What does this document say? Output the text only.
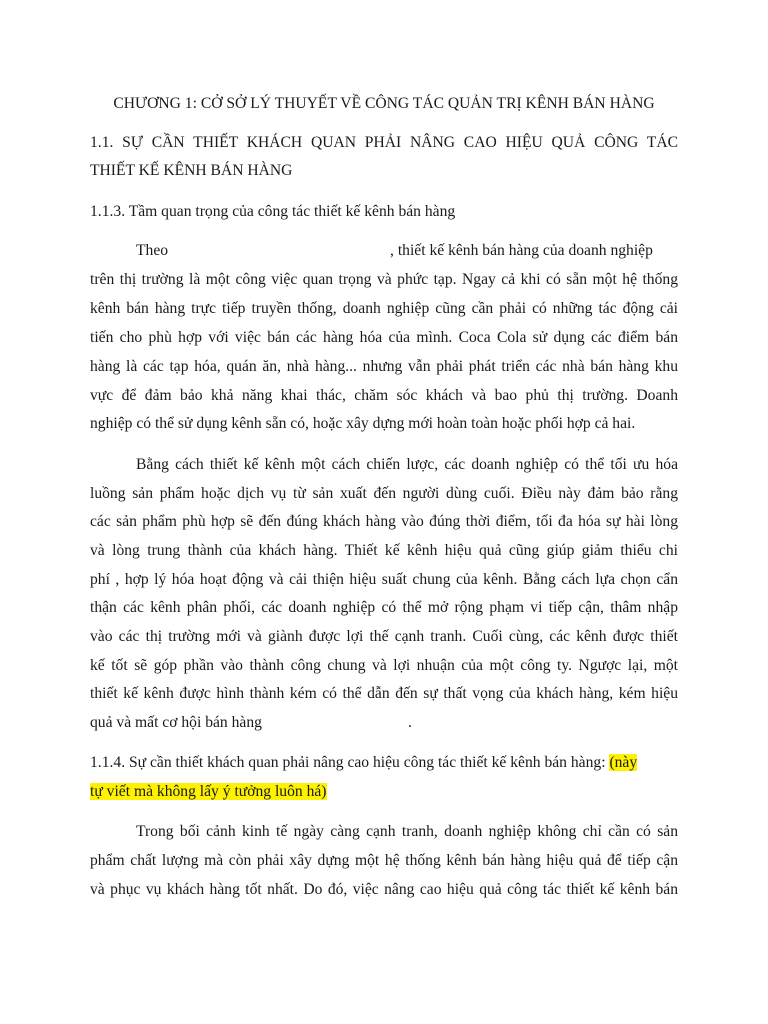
CHƯƠNG 1: CỞ SỞ LÝ THUYẾT VỀ CÔNG TÁC QUẢN TRỊ KÊNH BÁN HÀNG
1.1. SỰ CẦN THIẾT KHÁCH QUAN PHẢI NÂNG CAO HIỆU QUẢ CÔNG TÁC
THIẾT KẾ KÊNH BÁN HÀNG
1.1.3. Tầm quan trọng của công tác thiết kế kênh bán hàng
Theo	, thiết kế kênh bán hàng của doanh nghiệp
trên thị trường là một công việc quan trọng và phức tạp. Ngay cả khi có sẵn một hệ thống
kênh bán hàng trực tiếp truyền thống, doanh nghiệp cũng cần phải có những tác động cải
tiến cho phù hợp với việc bán các hàng hóa của mình. Coca Cola sử dụng các điểm bán
hàng là các tạp hóa, quán ăn, nhà hàng... nhưng vẫn phải phát triển các nhà bán hàng khu
vực để đảm bảo khả năng khai thác, chăm sóc khách và bao phủ thị trường. Doanh
nghiệp có thể sử dụng kênh sẵn có, hoặc xây dựng mới hoàn toàn hoặc phối hợp cả hai.
Bằng cách thiết kế kênh một cách chiến lược, các doanh nghiệp có thể tối ưu hóa
luồng sản phẩm hoặc dịch vụ từ sản xuất đến người dùng cuối. Điều này đảm bảo rằng
các sản phẩm phù hợp sẽ đến đúng khách hàng vào đúng thời điểm, tối đa hóa sự hài lòng
và lòng trung thành của khách hàng. Thiết kế kênh hiệu quả cũng giúp giảm thiểu chi
phí , hợp lý hóa hoạt động và cải thiện hiệu suất chung của kênh. Bằng cách lựa chọn cẩn
thận các kênh phân phối, các doanh nghiệp có thể mở rộng phạm vi tiếp cận, thâm nhập
vào các thị trường mới và giành được lợi thế cạnh tranh. Cuối cùng, các kênh được thiết
kế tốt sẽ góp phần vào thành công chung và lợi nhuận của một công ty. Ngược lại, một
thiết kế kênh được hình thành kém có thể dẫn đến sự thất vọng của khách hàng, kém hiệu
quả và mất cơ hội bán hàng	.
1.1.4. Sự cần thiết khách quan phải nâng cao hiệu công tác thiết kế kênh bán hàng: (này
tự viết mà không lấy ý tưởng luôn há)
Trong bối cảnh kinh tế ngày càng cạnh tranh, doanh nghiệp không chỉ cần có sản
phẩm chất lượng mà còn phải xây dựng một hệ thống kênh bán hàng hiệu quả để tiếp cận
và phục vụ khách hàng tốt nhất. Do đó, việc nâng cao hiệu quả công tác thiết kế kênh bán
